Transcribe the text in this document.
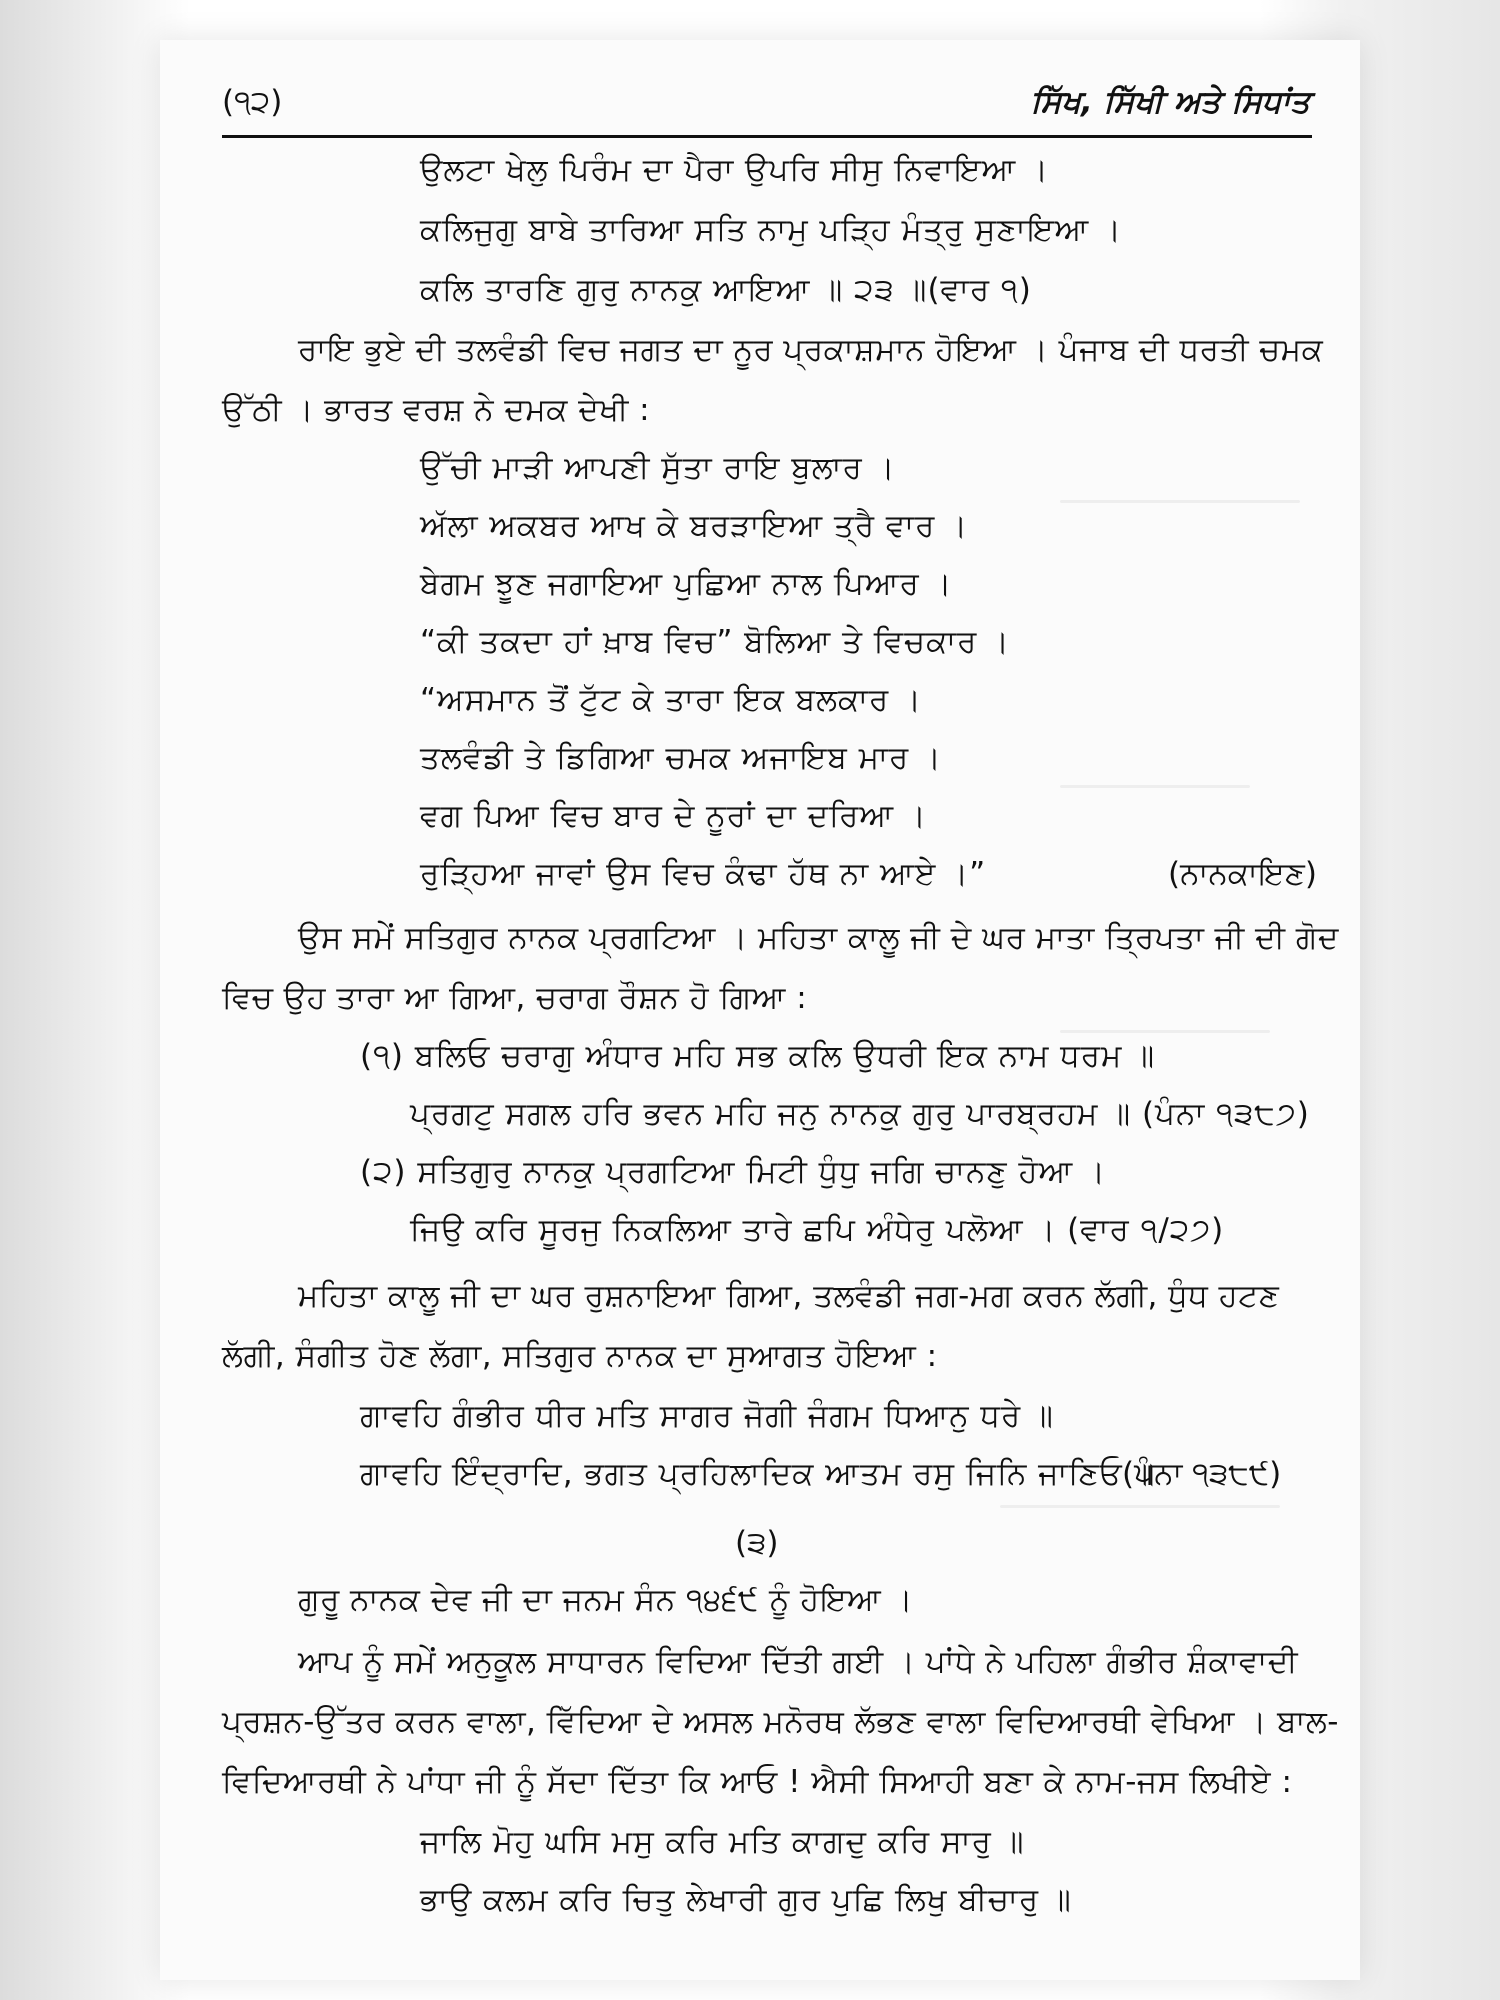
(੧੨)	ਸਿੱਖ, ਸਿੱਖੀ ਅਤੇ ਸਿਧਾਂਤ
ਉਲਟਾ ਖੇਲੁ ਪਿਰੰਮ ਦਾ ਪੈਰਾ ਉਪਰਿ ਸੀਸੁ ਨਿਵਾਇਆ ।
ਕਲਿਜੁਗੁ ਬਾਬੇ ਤਾਰਿਆ ਸਤਿ ਨਾਮੁ ਪੜ੍ਹਿ ਮੰਤ੍ਰੁ ਸੁਣਾਇਆ ।
ਕਲਿ ਤਾਰਣਿ ਗੁਰੁ ਨਾਨਕੁ ਆਇਆ ॥ ੨੩ ॥(ਵਾਰ ੧)
ਰਾਇ ਭੁਏ ਦੀ ਤਲਵੰਡੀ ਵਿਚ ਜਗਤ ਦਾ ਨੂਰ ਪ੍ਰਕਾਸ਼ਮਾਨ ਹੋਇਆ । ਪੰਜਾਬ ਦੀ ਧਰਤੀ ਚਮਕ
ਉੱਠੀ । ਭਾਰਤ ਵਰਸ਼ ਨੇ ਦਮਕ ਦੇਖੀ :
ਉੱਚੀ ਮਾੜੀ ਆਪਣੀ ਸੁੱਤਾ ਰਾਇ ਬੁਲਾਰ ।
ਅੱਲਾ ਅਕਬਰ ਆਖ ਕੇ ਬਰੜਾਇਆ ਤ੍ਰੈ ਵਾਰ ।
ਬੇਗਮ ਝੂਣ ਜਗਾਇਆ ਪੁਛਿਆ ਨਾਲ ਪਿਆਰ ।
“ਕੀ ਤਕਦਾ ਹਾਂ ਖ਼ਾਬ ਵਿਚ” ਬੋਲਿਆ ਤੇ ਵਿਚਕਾਰ ।
“ਅਸਮਾਨ ਤੋਂ ਟੁੱਟ ਕੇ ਤਾਰਾ ਇਕ ਬਲਕਾਰ ।
ਤਲਵੰਡੀ ਤੇ ਡਿਗਿਆ ਚਮਕ ਅਜਾਇਬ ਮਾਰ ।
ਵਗ ਪਿਆ ਵਿਚ ਬਾਰ ਦੇ ਨੂਰਾਂ ਦਾ ਦਰਿਆ ।
ਰੁੜ੍ਹਿਆ ਜਾਵਾਂ ਉਸ ਵਿਚ ਕੰਢਾ ਹੱਥ ਨਾ ਆਏ ।”	(ਨਾਨਕਾਇਣ)
ਉਸ ਸਮੇਂ ਸਤਿਗੁਰ ਨਾਨਕ ਪ੍ਰਗਟਿਆ । ਮਹਿਤਾ ਕਾਲੂ ਜੀ ਦੇ ਘਰ ਮਾਤਾ ਤ੍ਰਿਪਤਾ ਜੀ ਦੀ ਗੋਦ
ਵਿਚ ਉਹ ਤਾਰਾ ਆ ਗਿਆ, ਚਰਾਗ ਰੌਸ਼ਨ ਹੋ ਗਿਆ :
(੧) ਬਲਿਓ ਚਰਾਗੁ ਅੰਧਾਰ ਮਹਿ ਸਭ ਕਲਿ ਉਧਰੀ ਇਕ ਨਾਮ ਧਰਮ ॥
ਪ੍ਰਗਟੁ ਸਗਲ ਹਰਿ ਭਵਨ ਮਹਿ ਜਨੁ ਨਾਨਕੁ ਗੁਰੁ ਪਾਰਬ੍ਰਹਮ ॥ (ਪੰਨਾ ੧੩੮੭)
(੨) ਸਤਿਗੁਰੁ ਨਾਨਕੁ ਪ੍ਰਗਟਿਆ ਮਿਟੀ ਧੁੰਧੁ ਜਗਿ ਚਾਨਣੁ ਹੋਆ ।
ਜਿਉ ਕਰਿ ਸੂਰਜੁ ਨਿਕਲਿਆ ਤਾਰੇ ਛਪਿ ਅੰਧੇਰੁ ਪਲੋਆ । (ਵਾਰ ੧/੨੭)
ਮਹਿਤਾ ਕਾਲੂ ਜੀ ਦਾ ਘਰ ਰੁਸ਼ਨਾਇਆ ਗਿਆ, ਤਲਵੰਡੀ ਜਗ-ਮਗ ਕਰਨ ਲੱਗੀ, ਧੁੰਧ ਹਟਣ
ਲੱਗੀ, ਸੰਗੀਤ ਹੋਣ ਲੱਗਾ, ਸਤਿਗੁਰ ਨਾਨਕ ਦਾ ਸੁਆਗਤ ਹੋਇਆ :
ਗਾਵਹਿ ਗੰਭੀਰ ਧੀਰ ਮਤਿ ਸਾਗਰ ਜੋਗੀ ਜੰਗਮ ਧਿਆਨੁ ਧਰੇ ॥
ਗਾਵਹਿ ਇੰਦ੍ਰਾਦਿ, ਭਗਤ ਪ੍ਰਹਿਲਾਦਿਕ ਆਤਮ ਰਸੁ ਜਿਨਿ ਜਾਣਿਓ ॥
(ਪੰਨਾ ੧੩੮੯)
(੩)
ਗੁਰੂ ਨਾਨਕ ਦੇਵ ਜੀ ਦਾ ਜਨਮ ਸੰਨ ੧੪੬੯ ਨੂੰ ਹੋਇਆ ।
ਆਪ ਨੂੰ ਸਮੇਂ ਅਨੁਕੂਲ ਸਾਧਾਰਨ ਵਿਦਿਆ ਦਿੱਤੀ ਗਈ । ਪਾਂਧੇ ਨੇ ਪਹਿਲਾ ਗੰਭੀਰ ਸ਼ੰਕਾਵਾਦੀ
ਪ੍ਰਸ਼ਨ-ਉੱਤਰ ਕਰਨ ਵਾਲਾ, ਵਿੱਦਿਆ ਦੇ ਅਸਲ ਮਨੋਰਥ ਲੱਭਣ ਵਾਲਾ ਵਿਦਿਆਰਥੀ ਵੇਖਿਆ । ਬਾਲ-
ਵਿਦਿਆਰਥੀ ਨੇ ਪਾਂਧਾ ਜੀ ਨੂੰ ਸੱਦਾ ਦਿੱਤਾ ਕਿ ਆਓ ! ਐਸੀ ਸਿਆਹੀ ਬਣਾ ਕੇ ਨਾਮ-ਜਸ ਲਿਖੀਏ :
ਜਾਲਿ ਮੋਹੁ ਘਸਿ ਮਸੁ ਕਰਿ ਮਤਿ ਕਾਗਦੁ ਕਰਿ ਸਾਰੁ ॥
ਭਾਉ ਕਲਮ ਕਰਿ ਚਿਤੁ ਲੇਖਾਰੀ ਗੁਰ ਪੁਛਿ ਲਿਖੁ ਬੀਚਾਰੁ ॥
